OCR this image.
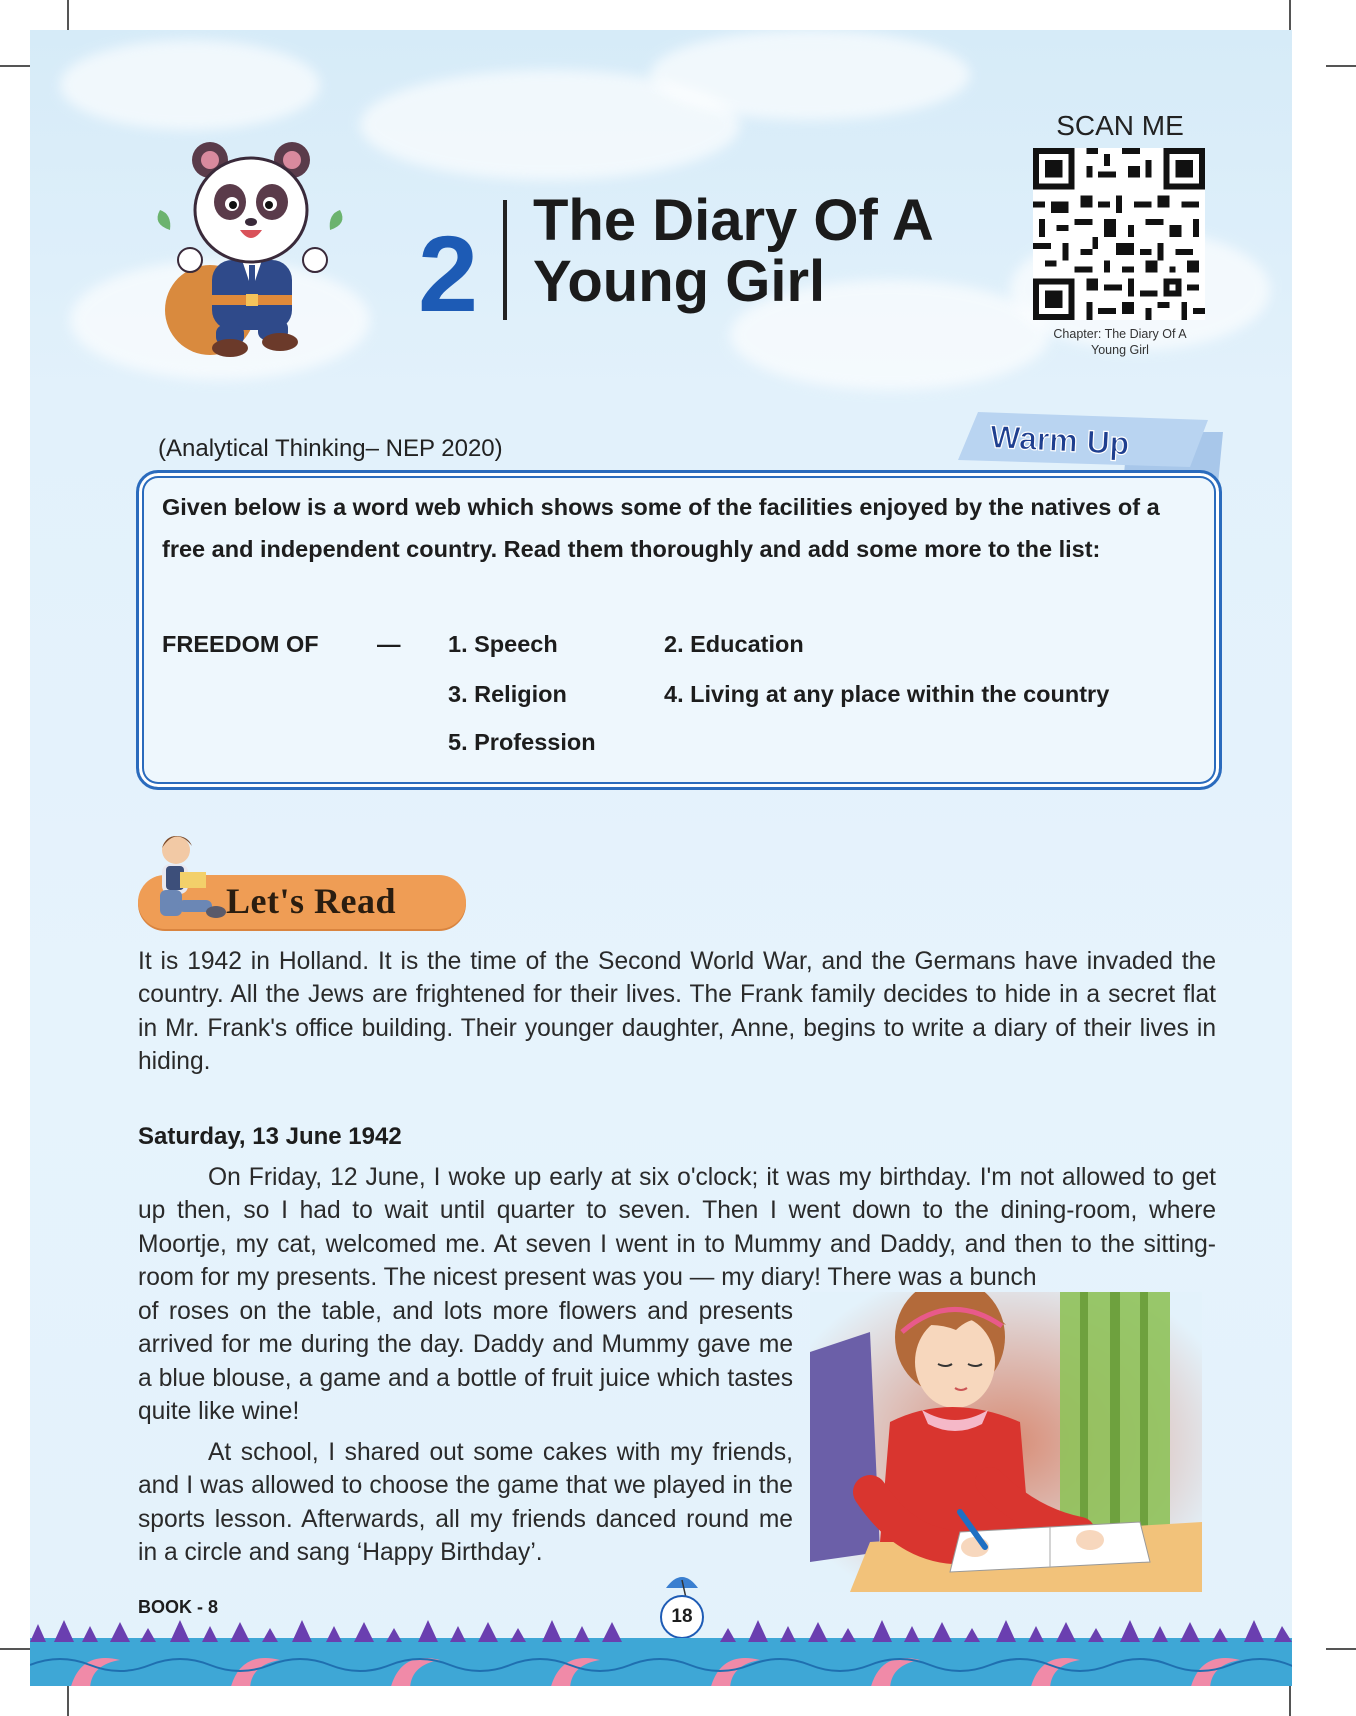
2 The Diary Of A Young Girl
SCAN ME
Chapter: The Diary Of A Young Girl
(Analytical Thinking– NEP 2020)	Warm Up
Given below is a word web which shows some of the facilities enjoyed by the natives of a free and independent country. Read them thoroughly and add some more to the list:
FREEDOM OF — 1. Speech	2. Education
3. Religion	4. Living at any place within the country
5. Profession
Let's Read
It is 1942 in Holland. It is the time of the Second World War, and the Germans have invaded the country. All the Jews are frightened for their lives. The Frank family decides to hide in a secret flat in Mr. Frank's office building. Their younger daughter, Anne, begins to write a diary of their lives in hiding.
Saturday, 13 June 1942
On Friday, 12 June, I woke up early at six o'clock; it was my birthday. I'm not allowed to get up then, so I had to wait until quarter to seven. Then I went down to the dining-room, where Moortje, my cat, welcomed me. At seven I went in to Mummy and Daddy, and then to the sitting-room for my presents. The nicest present was you — my diary! There was a bunch
of roses on the table, and lots more flowers and presents arrived for me during the day. Daddy and Mummy gave me a blue blouse, a game and a bottle of fruit juice which tastes quite like wine!
At school, I shared out some cakes with my friends, and I was allowed to choose the game that we played in the sports lesson. Afterwards, all my friends danced round me in a circle and sang ‘Happy Birthday’.
BOOK - 8	18
